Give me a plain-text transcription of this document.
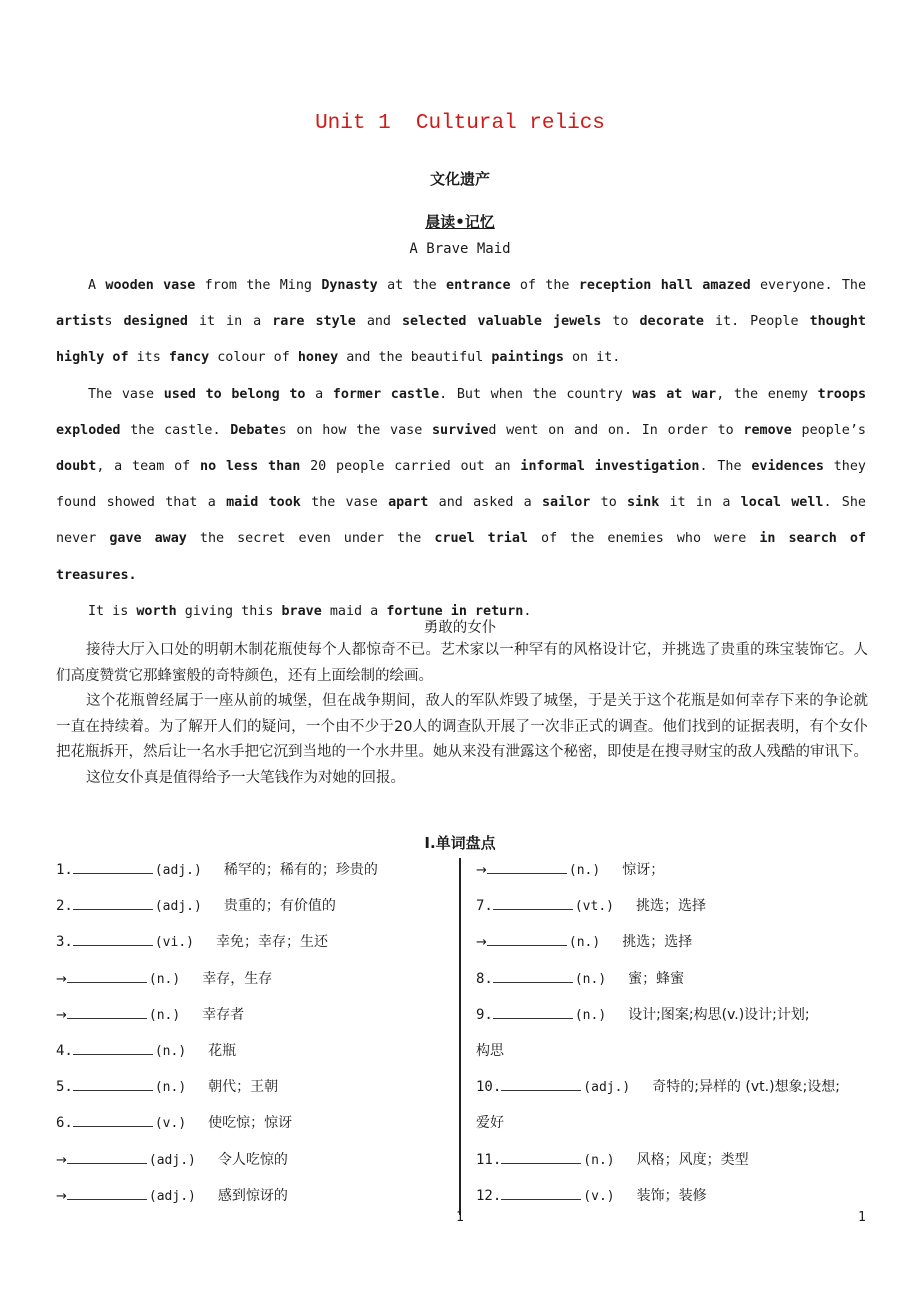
Unit 1  Cultural relics
文化遗产
晨读•记忆
A Brave Maid

A wooden vase from the Ming Dynasty at the entrance of the reception hall amazed everyone. The artists designed it in a rare style and selected valuable jewels to decorate it. People thought highly of its fancy colour of honey and the beautiful paintings on it.

The vase used to belong to a former castle. But when the country was at war, the enemy troops exploded the castle. Debates on how the vase survived went on and on. In order to remove people’s doubt, a team of no less than 20 people carried out an informal investigation. The evidences they found showed that a maid took the vase apart and asked a sailor to sink it in a local well. She never gave away the secret even under the cruel trial of the enemies who were in search of treasures.

It is worth giving this brave maid a fortune in return.

勇敢的女仆

接待大厅入口处的明朝木制花瓶使每个人都惊奇不已。艺术家以一种罕有的风格设计它，并挑选了贵重的珠宝装饰它。人们高度赞赏它那蜂蜜般的奇特颜色，还有上面绘制的绘画。

这个花瓶曾经属于一座从前的城堡，但在战争期间，敌人的军队炸毁了城堡，于是关于这个花瓶是如何幸存下来的争论就一直在持续着。为了解开人们的疑问，一个由不少于20人的调查队开展了一次非正式的调查。他们找到的证据表明，有个女仆把花瓶拆开，然后让一名水手把它沉到当地的一个水井里。她从来没有泄露这个秘密，即使是在搜寻财宝的敌人残酷的审讯下。

这位女仆真是值得给予一大笔钱作为对她的回报。

Ⅰ.单词盘点
1.	(adj.) 稀罕的；稀有的；珍贵的
2.	(adj.) 贵重的；有价值的
3.	(vi.) 幸免；幸存；生还
→	(n.) 幸存，生存
→	(n.) 幸存者
4.	(n.) 花瓶
5.	(n.) 朝代；王朝
6.	(v.) 使吃惊；惊讶
→	(adj.) 令人吃惊的
→	(adj.) 感到惊讶的
→	(n.) 惊讶；
7.	(vt.) 挑选；选择
→	(n.) 挑选；选择
8.	(n.) 蜜；蜂蜜
9.	(n.) 设计;图案;构思(v.)设计;计划;
构思
10.	(adj.) 奇特的;异样的 (vt.)想象;设想;
爱好
11.	(n.) 风格；风度；类型
12.	(v.) 装饰；装修
1	1
